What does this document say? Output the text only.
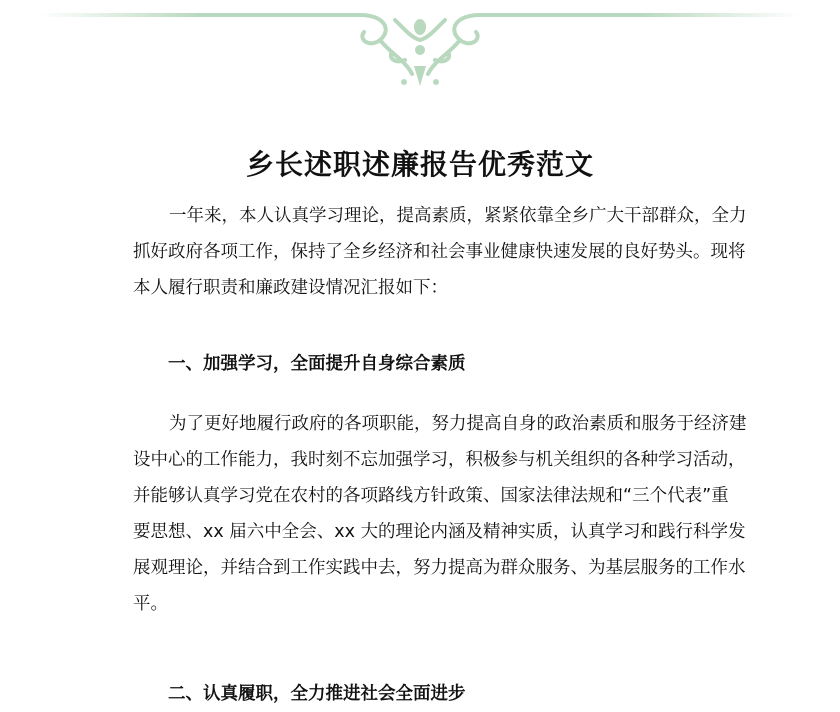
乡长述职述廉报告优秀范文

一年来，本人认真学习理论，提高素质，紧紧依靠全乡广大干部群众，全力
抓好政府各项工作，保持了全乡经济和社会事业健康快速发展的良好势头。现将
本人履行职责和廉政建设情况汇报如下：

一、加强学习，全面提升自身综合素质

为了更好地履行政府的各项职能，努力提高自身的政治素质和服务于经济建
设中心的工作能力，我时刻不忘加强学习，积极参与机关组织的各种学习活动，
并能够认真学习党在农村的各项路线方针政策、国家法律法规和“三个代表”重
要思想、xx 届六中全会、xx 大的理论内涵及精神实质，认真学习和践行科学发
展观理论，并结合到工作实践中去，努力提高为群众服务、为基层服务的工作水
平。

二、认真履职，全力推进社会全面进步
